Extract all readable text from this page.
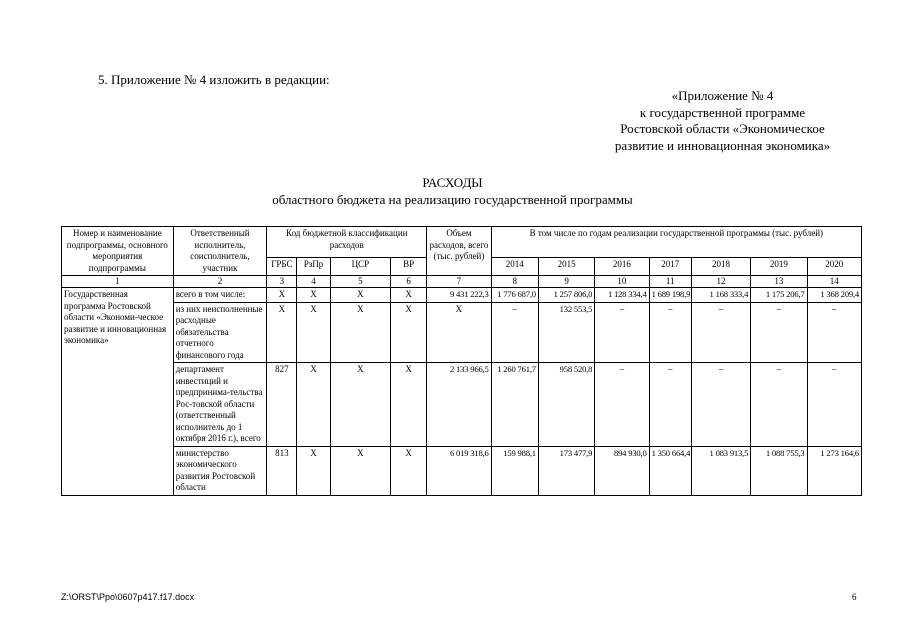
5. Приложение № 4 изложить в редакции:
«Приложение № 4
к государственной программе
Ростовской области «Экономическое
развитие и инновационная экономика»
РАСХОДЫ
областного бюджета на реализацию государственной программы
Номер и наименование подпрограммы, основного мероприятия подпрограммы	Ответственный исполнитель, соисполнитель, участник	Код бюджетной классификации расходов				Объем расходов, всего (тыс. рублей)	В том числе по годам реализации государственной программы (тыс. рублей)						
		ГРБС	РзПр	ЦСР	ВР		2014	2015	2016	2017	2018	2019	2020
1	2	3	4	5	6	7	8	9	10	11	12	13	14
Государственная программа Ростовской области «Экономи-ческое развитие и инновационная экономика»	всего в том числе:	X	X	X	X	9 431 222,3	1 776 687,0	1 257 806,0	1 128 334,4	1 689 198,9	1 168 333,4	1 175 206,7	1 368 209,4
	из них неисполненные расходные обязательства отчетного финансового года	X	X	X	X	X	–	132 553,5	–	–	–	–	–
	департамент инвестиций и предпринима-тельства Рос-товской области (ответственный исполнитель до 1 октября 2016 г.), всего	827	X	X	X	2 133 966,5	1 260 761,7	958 520,8	–	–	–	–	–
	министерство экономического развития Ростовской области	813	X	X	X	6 019 318,6	159 988,1	173 477,9	894 930,0	1 350 664,4	1 083 913,5	1 088 755,3	1 273 164,6
Z:\ORST\Ppo\0607p417.f17.docx	6
